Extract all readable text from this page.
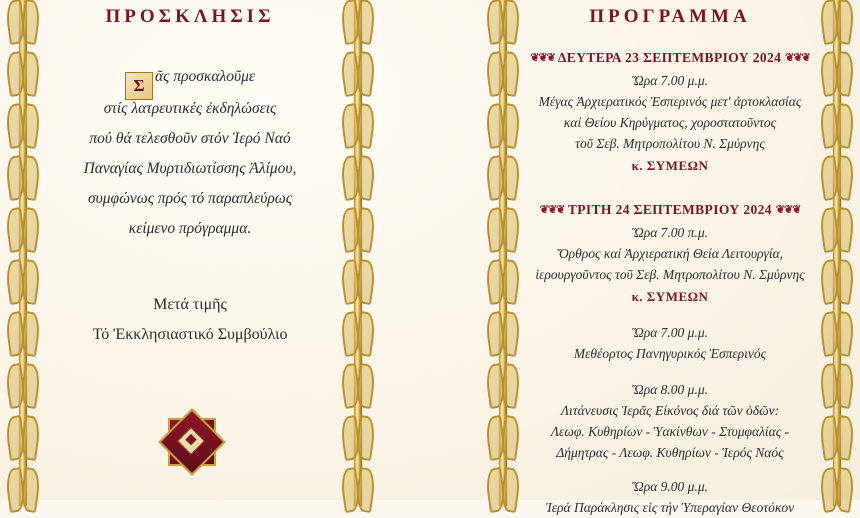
ΠΡΟΣΚΛΗΣΙΣ
Σ ᾶς προσκαλοῦμε
στίς λατρευτικές ἐκδηλώσεις
πού θά τελεσθοῦν στόν Ἱερό Ναό
Παναγίας Μυρτιδιωτίσσης Ἀλίμου,
συμφώνως πρός τό παραπλεύρως
κείμενο πρόγραμμα.
Μετά τιμῆς
Τό Ἐκκλησιαστικό Συμβούλιο
ΠΡΟΓΡΑΜΜΑ
❦❦❦ ΔΕΥΤΕΡΑ 23 ΣΕΠΤΕΜΒΡΙΟΥ 2024 ❦❦❦
Ὥρα 7.00 μ.μ.
Μέγας Ἀρχιερατικός Ἑσπερινός μετ' ἀρτοκλασίας
καί Θείου Κηρύγματος, χοροστατοῦντος
τοῦ Σεβ. Μητροπολίτου Ν. Σμύρνης
κ. ΣΥΜΕΩΝ
❦❦❦ ΤΡΙΤΗ 24 ΣΕΠΤΕΜΒΡΙΟΥ 2024 ❦❦❦
Ὥρα 7.00 π.μ.
Ὄρθρος καί Ἀρχιερατική Θεία Λειτουργία,
ἱερουργοῦντος τοῦ Σεβ. Μητροπολίτου Ν. Σμύρνης
κ. ΣΥΜΕΩΝ
Ὥρα 7.00 μ.μ.
Μεθέορτος Πανηγυρικός Ἑσπερινός
Ὥρα 8.00 μ.μ.
Λιτάνευσις Ἱερᾶς Εἰκόνος διά τῶν ὁδῶν:
Λεωφ. Κυθηρίων - Ὑακίνθων - Στυμφαλίας -
Δήμητρας - Λεωφ. Κυθηρίων - Ἱερός Ναός
Ὥρα 9.00 μ.μ.
Ἱερά Παράκλησις εἰς τήν Ὑπεραγίαν Θεοτόκον
